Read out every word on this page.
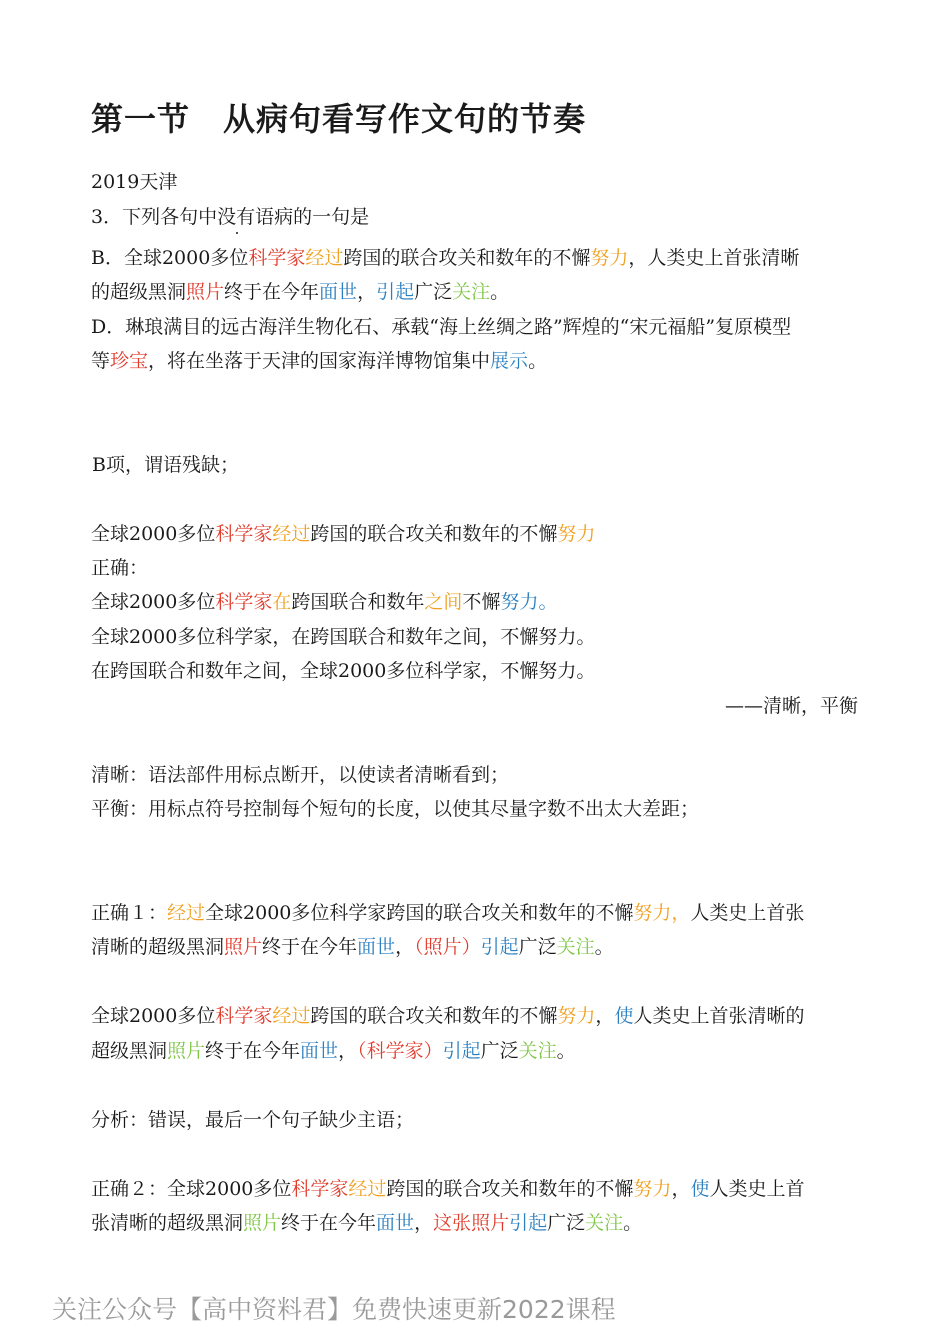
第一节　从病句看写作文句的节奏
2019天津
3．下列各句中没有语病的一句是
B．全球2000多位科学家经过跨国的联合攻关和数年的不懈努力，人类史上首张清晰
的超级黑洞照片终于在今年面世，引起广泛关注。
D．琳琅满目的远古海洋生物化石、承载“海上丝绸之路”辉煌的“宋元福船”复原模型
等珍宝，将在坐落于天津的国家海洋博物馆集中展示。
B项，谓语残缺；
全球2000多位科学家经过跨国的联合攻关和数年的不懈努力
正确：
全球2000多位科学家在跨国联合和数年之间不懈努力。
全球2000多位科学家，在跨国联合和数年之间，不懈努力。
在跨国联合和数年之间，全球2000多位科学家，不懈努力。
——清晰，平衡
清晰：语法部件用标点断开，以使读者清晰看到；
平衡：用标点符号控制每个短句的长度，以使其尽量字数不出太大差距；
正确１：经过全球2000多位科学家跨国的联合攻关和数年的不懈努力，人类史上首张
清晰的超级黑洞照片终于在今年面世，（照片）引起广泛关注。
全球2000多位科学家经过跨国的联合攻关和数年的不懈努力，使人类史上首张清晰的
超级黑洞照片终于在今年面世，（科学家）引起广泛关注。
分析：错误，最后一个句子缺少主语；
正确２：全球2000多位科学家经过跨国的联合攻关和数年的不懈努力，使人类史上首
张清晰的超级黑洞照片终于在今年面世，这张照片引起广泛关注。
关注公众号【高中资料君】免费快速更新2022课程
